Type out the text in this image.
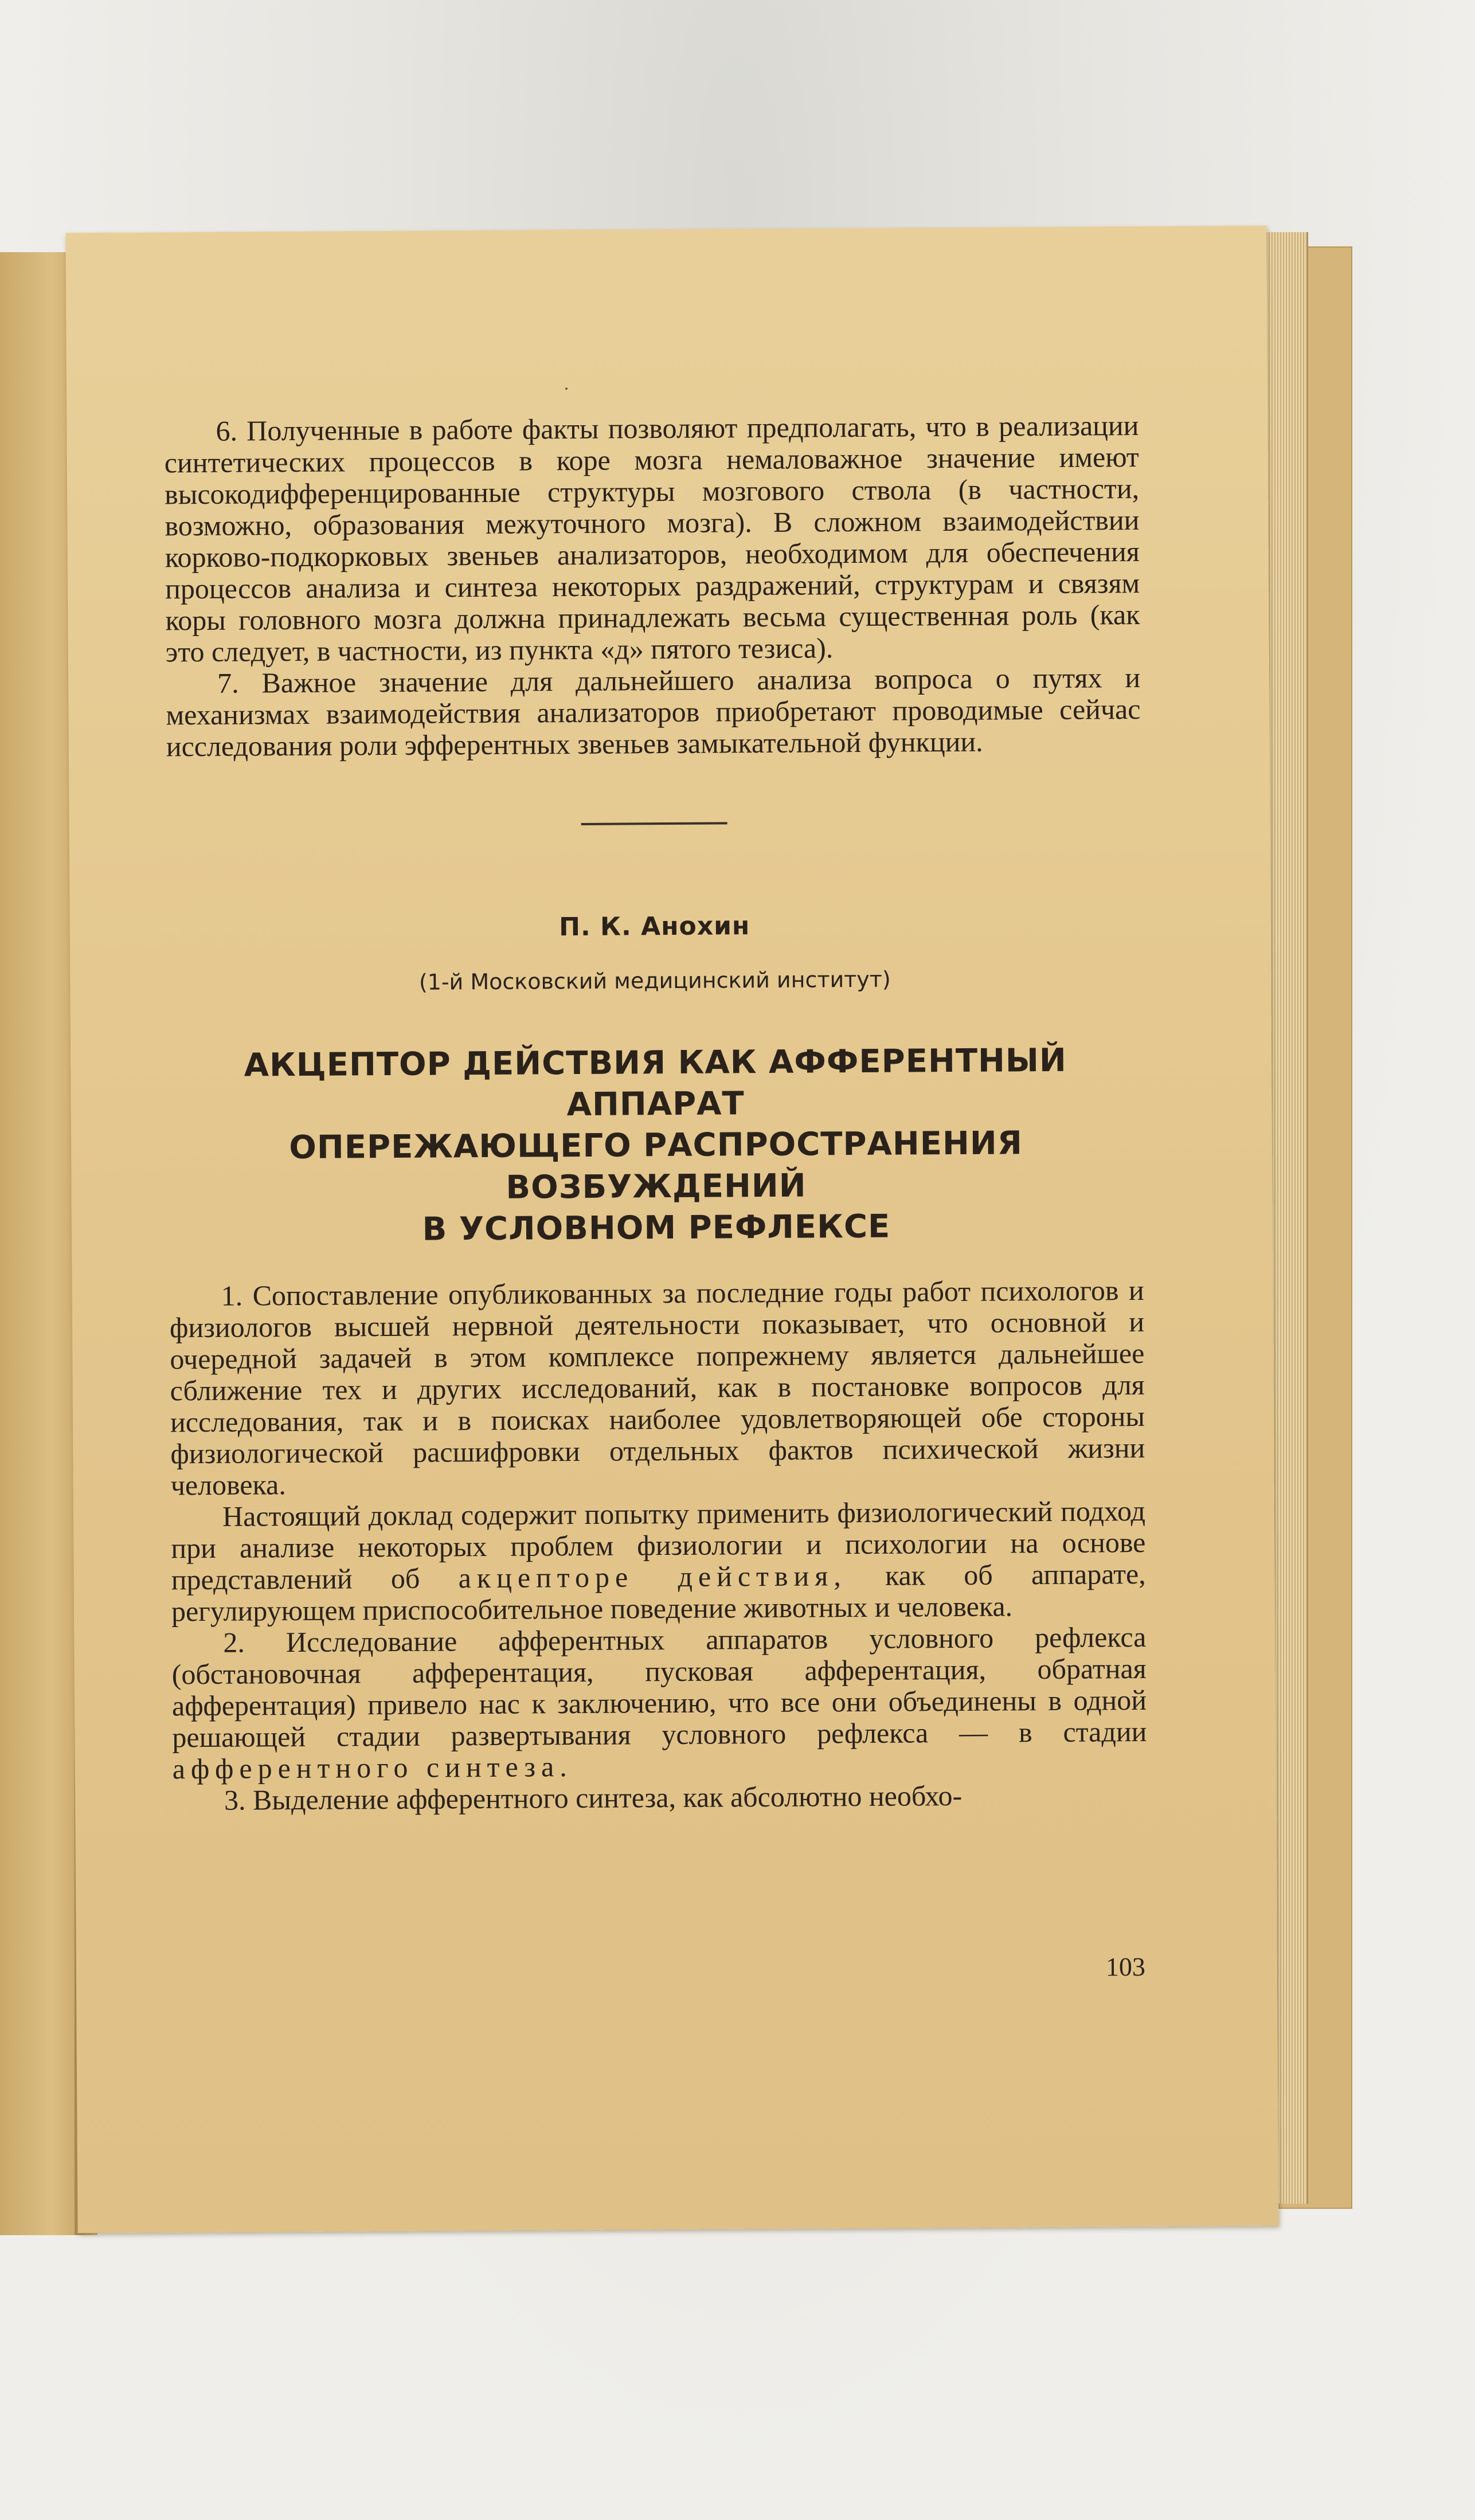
6. Полученные в работе факты позволяют предполагать, что в реализации синтетических процессов в коре мозга немаловажное значение имеют высокодифференцированные структуры мозгового ствола (в частности, возможно, образования межуточного мозга). В сложном взаимодействии корково-подкорковых звеньев анализаторов, необходимом для обеспечения процессов анализа и синтеза некоторых раздражений, структурам и связям коры головного мозга должна принадлежать весьма существенная роль (как это следует, в частности, из пункта «д» пятого тезиса).

7. Важное значение для дальнейшего анализа вопроса о путях и механизмах взаимодействия анализаторов приобретают проводимые сейчас исследования роли эфферентных звеньев замыкательной функции.

П. К. Анохин

(1-й Московский медицинский институт)

АКЦЕПТОР ДЕЙСТВИЯ КАК АФФЕРЕНТНЫЙ АППАРАТ
ОПЕРЕЖАЮЩЕГО РАСПРОСТРАНЕНИЯ ВОЗБУЖДЕНИЙ
В УСЛОВНОМ РЕФЛЕКСЕ

1. Сопоставление опубликованных за последние годы работ психологов и физиологов высшей нервной деятельности показывает, что основной и очередной задачей в этом комплексе попрежнему является дальнейшее сближение тех и других исследований, как в постановке вопросов для исследования, так и в поисках наиболее удовлетворяющей обе стороны физиологической расшифровки отдельных фактов психической жизни человека.

Настоящий доклад содержит попытку применить физиологический подход при анализе некоторых проблем физиологии и психологии на основе представлений об акцепторе действия, как об аппарате, регулирующем приспособительное поведение животных и человека.

2. Исследование афферентных аппаратов условного рефлекса (обстановочная афферентация, пусковая афферентация, обратная афферентация) привело нас к заключению, что все они объединены в одной решающей стадии развертывания условного рефлекса — в стадии афферентного синтеза.

3. Выделение афферентного синтеза, как абсолютно необхо-

103
